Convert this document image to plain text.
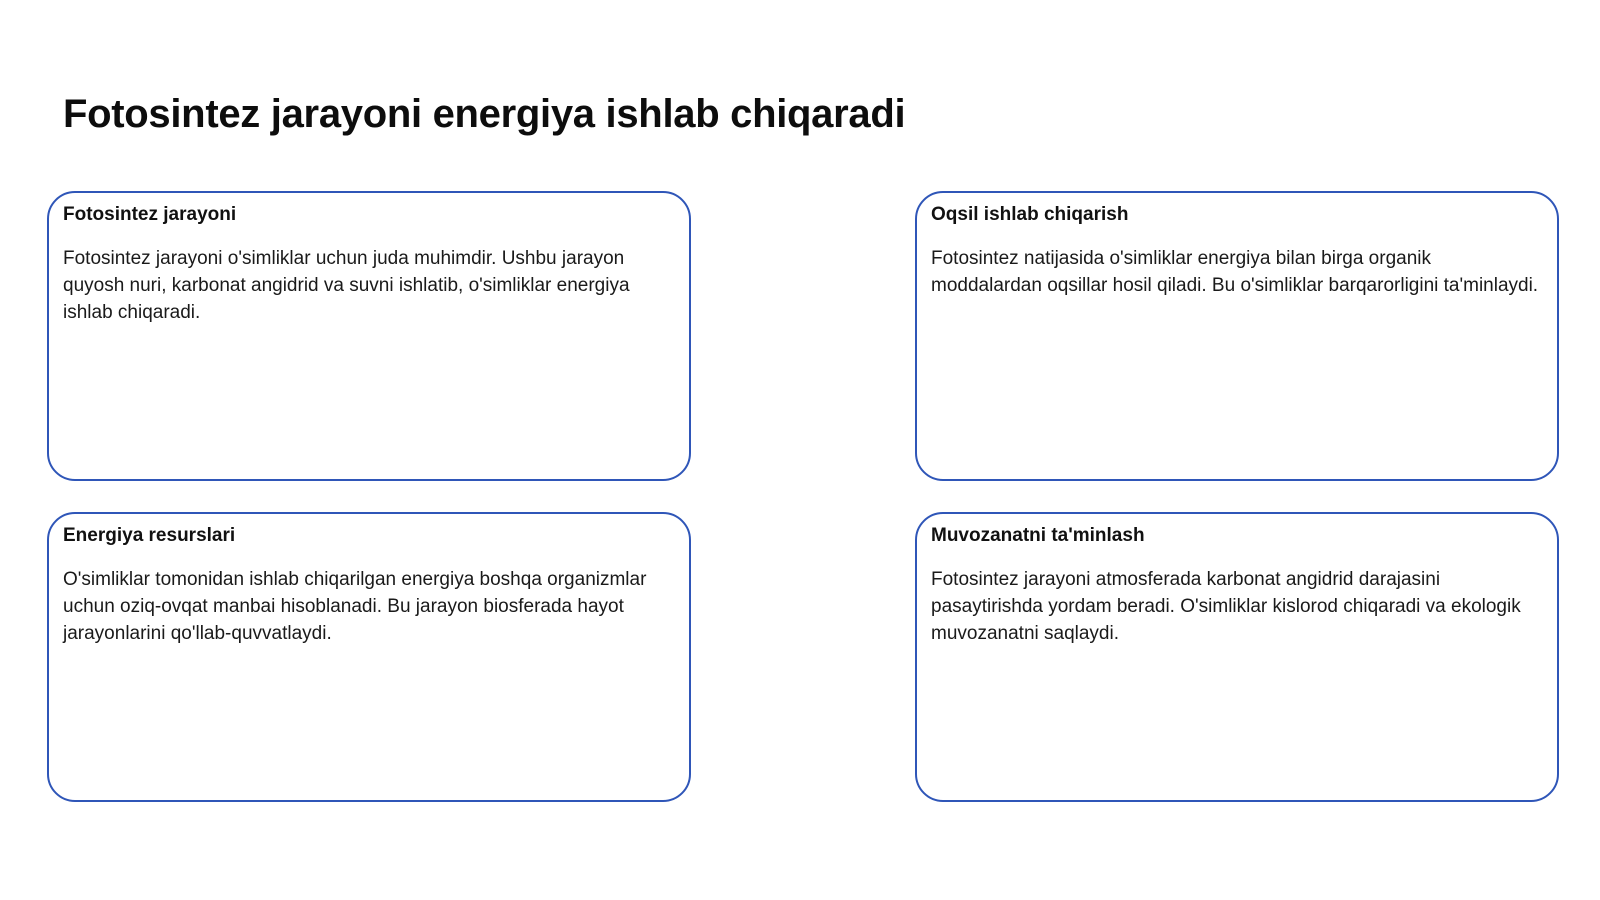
Fotosintez jarayoni energiya ishlab chiqaradi
Fotosintez jarayoni

Fotosintez jarayoni o'simliklar uchun juda muhimdir. Ushbu jarayon quyosh nuri, karbonat angidrid va suvni ishlatib, o'simliklar energiya ishlab chiqaradi.

Oqsil ishlab chiqarish

Fotosintez natijasida o'simliklar energiya bilan birga organik moddalardan oqsillar hosil qiladi. Bu o'simliklar barqarorligini ta'minlaydi.

Energiya resurslari

O'simliklar tomonidan ishlab chiqarilgan energiya boshqa organizmlar uchun oziq-ovqat manbai hisoblanadi. Bu jarayon biosferada hayot jarayonlarini qo'llab-quvvatlaydi.

Muvozanatni ta'minlash

Fotosintez jarayoni atmosferada karbonat angidrid darajasini pasaytirishda yordam beradi. O'simliklar kislorod chiqaradi va ekologik muvozanatni saqlaydi.
